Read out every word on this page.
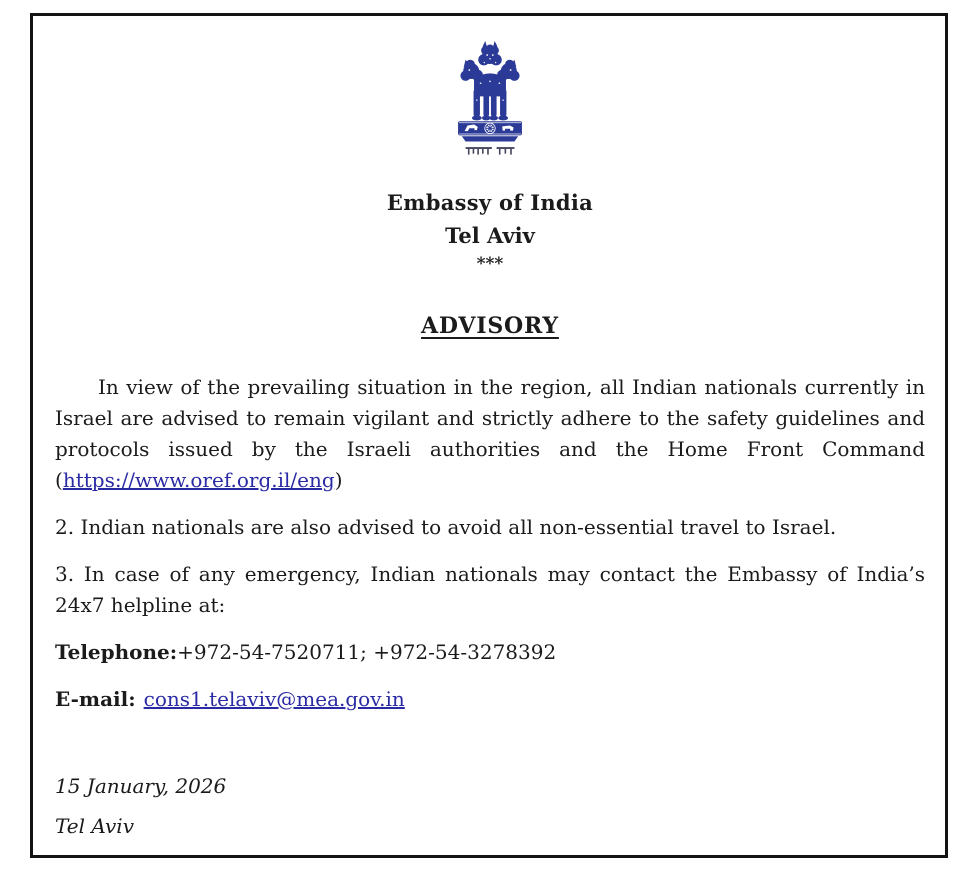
Embassy of India

Tel Aviv

***

ADVISORY

In view of the prevailing situation in the region, all Indian nationals currently in Israel are advised to remain vigilant and strictly adhere to the safety guidelines and protocols issued by the Israeli authorities and the Home Front Command (https://www.oref.org.il/eng)

2. Indian nationals are also advised to avoid all non-essential travel to Israel.

3. In case of any emergency, Indian nationals may contact the Embassy of India’s 24x7 helpline at:

Telephone:+972-54-7520711; +972-54-3278392

E-mail: cons1.telaviv@mea.gov.in

15 January, 2026

Tel Aviv
